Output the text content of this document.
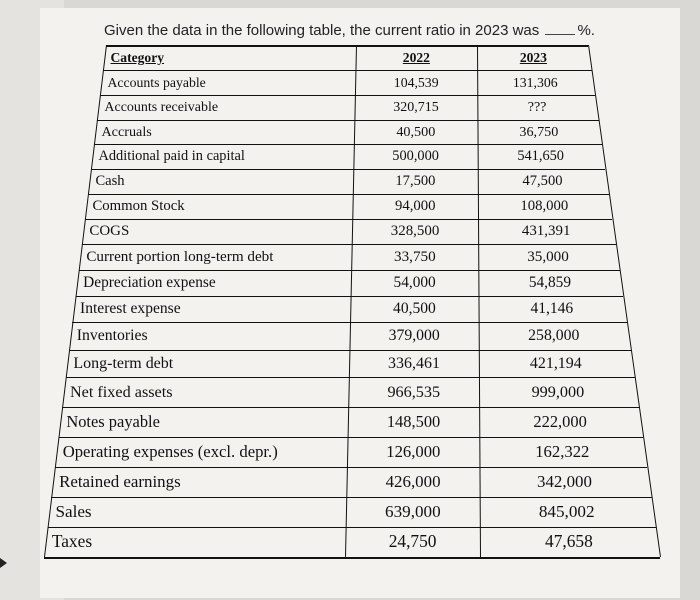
Given the data in the following table, the current ratio in 2023 was	%.
Category	2022	2023
Accounts payable	104,539	131,306
Accounts receivable	320,715	???
Accruals	40,500	36,750
Additional paid in capital	500,000	541,650
Cash	17,500	47,500
Common Stock	94,000	108,000
COGS	328,500	431,391
Current portion long-term debt	33,750	35,000
Depreciation expense	54,000	54,859
Interest expense	40,500	41,146
Inventories	379,000	258,000
Long-term debt	336,461	421,194
Net fixed assets	966,535	999,000
Notes payable	148,500	222,000
Operating expenses (excl. depr.)	126,000	162,322
Retained earnings	426,000	342,000
Sales	639,000	845,002
Taxes	24,750	47,658
